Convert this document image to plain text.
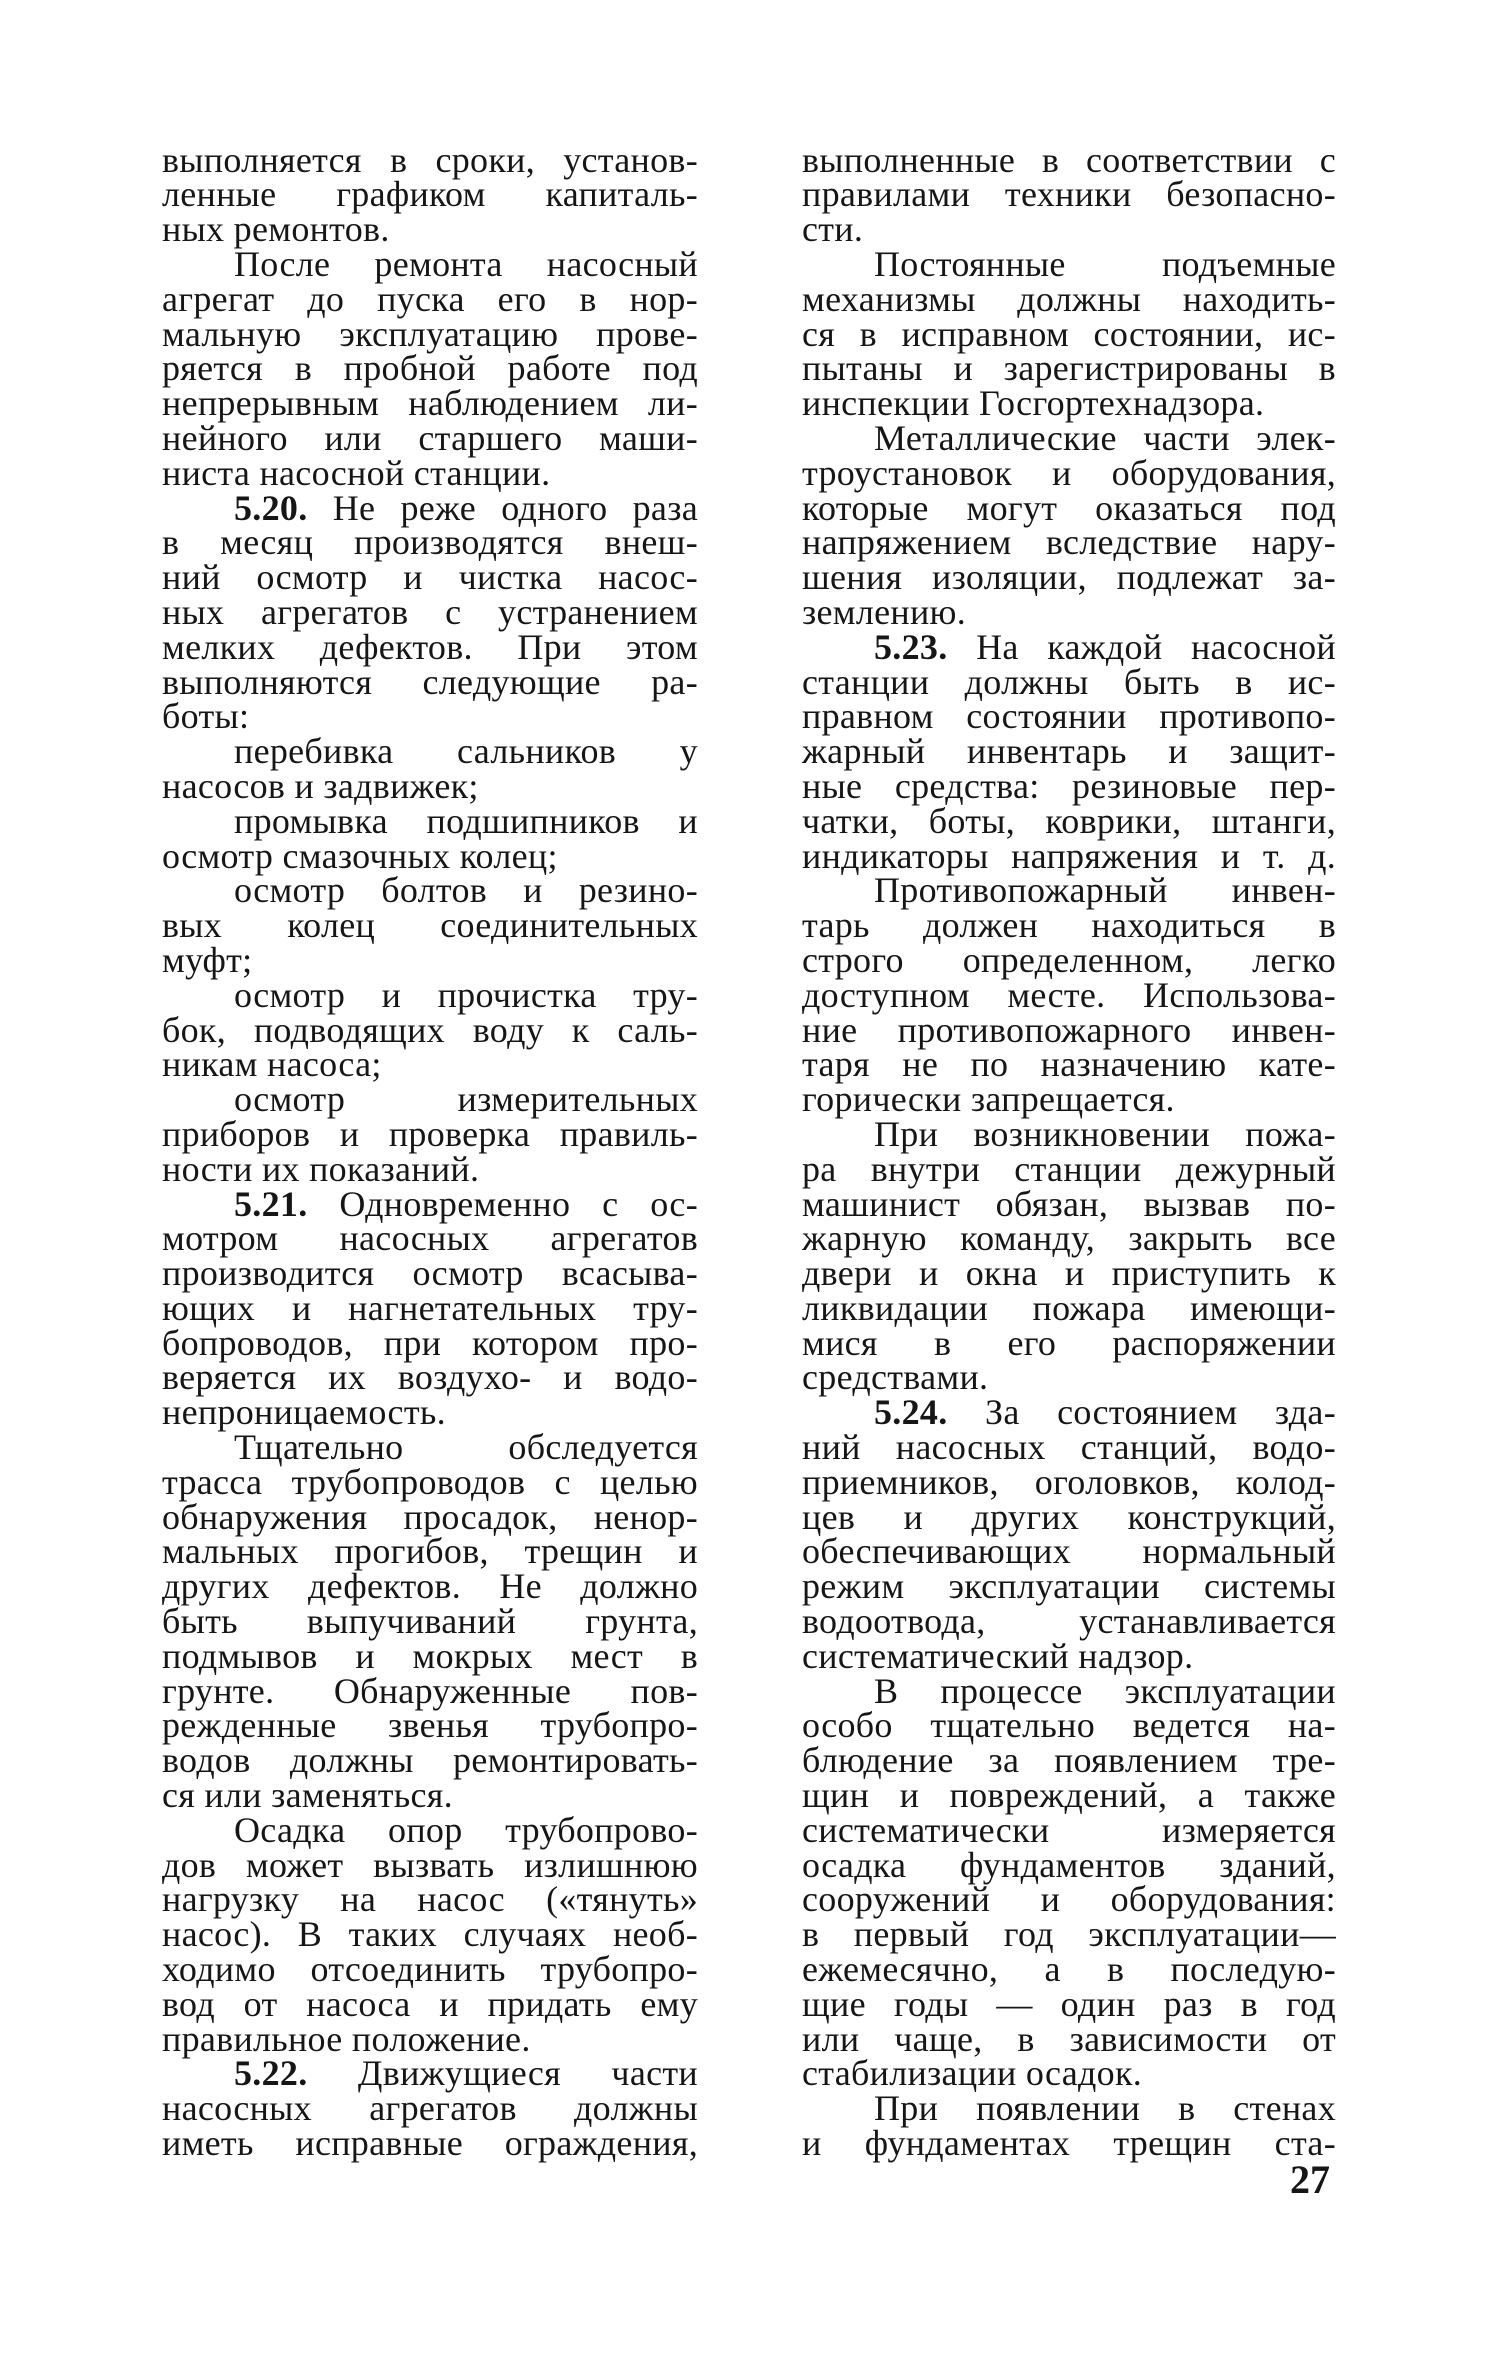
выполняется в сроки, установ-
ленные графиком капиталь-
ных ремонтов.
После ремонта насосный
агрегат до пуска его в нор-
мальную эксплуатацию прове-
ряется в пробной работе под
непрерывным наблюдением ли-
нейного или старшего маши-
ниста насосной станции.
5.20. Не реже одного раза
в месяц производятся внеш-
ний осмотр и чистка насос-
ных агрегатов с устранением
мелких дефектов. При этом
выполняются следующие ра-
боты:
перебивка сальников у
насосов и задвижек;
промывка подшипников и
осмотр смазочных колец;
осмотр болтов и резино-
вых колец соединительных
муфт;
осмотр и прочистка тру-
бок, подводящих воду к саль-
никам насоса;
осмотр измерительных
приборов и проверка правиль-
ности их показаний.
5.21. Одновременно с ос-
мотром насосных агрегатов
производится осмотр всасыва-
ющих и нагнетательных тру-
бопроводов, при котором про-
веряется их воздухо- и водо-
непроницаемость.
Тщательно обследуется
трасса трубопроводов с целью
обнаружения просадок, ненор-
мальных прогибов, трещин и
других дефектов. Не должно
быть выпучиваний грунта,
подмывов и мокрых мест в
грунте. Обнаруженные пов-
режденные звенья трубопро-
водов должны ремонтировать-
ся или заменяться.
Осадка опор трубопрово-
дов может вызвать излишнюю
нагрузку на насос («тянуть»
насос). В таких случаях необ-
ходимо отсоединить трубопро-
вод от насоса и придать ему
правильное положение.
5.22. Движущиеся части
насосных агрегатов должны
иметь исправные ограждения,
выполненные в соответствии с
правилами техники безопасно-
сти.
Постоянные подъемные
механизмы должны находить-
ся в исправном состоянии, ис-
пытаны и зарегистрированы в
инспекции Госгортехнадзора.
Металлические части элек-
троустановок и оборудования,
которые могут оказаться под
напряжением вследствие нару-
шения изоляции, подлежат за-
землению.
5.23. На каждой насосной
станции должны быть в ис-
правном состоянии противопо-
жарный инвентарь и защит-
ные средства: резиновые пер-
чатки, боты, коврики, штанги,
индикаторы напряжения и т. д.
Противопожарный инвен-
тарь должен находиться в
строго определенном, легко
доступном месте. Использова-
ние противопожарного инвен-
таря не по назначению кате-
горически запрещается.
При возникновении пожа-
ра внутри станции дежурный
машинист обязан, вызвав по-
жарную команду, закрыть все
двери и окна и приступить к
ликвидации пожара имеющи-
мися в его распоряжении
средствами.
5.24. За состоянием зда-
ний насосных станций, водо-
приемников, оголовков, колод-
цев и других конструкций,
обеспечивающих нормальный
режим эксплуатации системы
водоотвода, устанавливается
систематический надзор.
В процессе эксплуатации
особо тщательно ведется на-
блюдение за появлением тре-
щин и повреждений, а также
систематически измеряется
осадка фундаментов зданий,
сооружений и оборудования:
в первый год эксплуатации—
ежемесячно, а в последую-
щие годы — один раз в год
или чаще, в зависимости от
стабилизации осадок.
При появлении в стенах
и фундаментах трещин ста-
27
